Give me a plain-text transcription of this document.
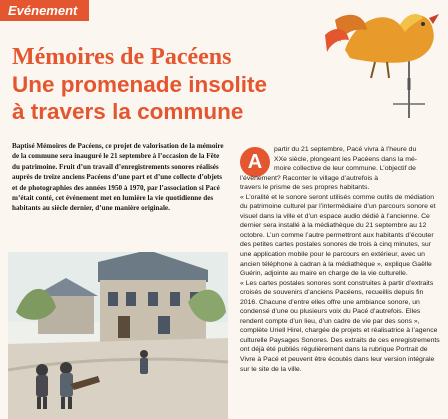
Evénement
Mémoires de Pacéens
Une promenade insolite
à travers la commune

Baptisé Mémoires de Pacéens, ce projet de valorisation de la mémoire de la commune sera inauguré le 21 septembre à l’occasion de la Fête du patrimoine. Fruit d’un travail d’enregistrements sonores réalisés auprès de treize anciens Pacéens d’une part et d’une collecte d’objets et de photographies des années 1950 à 1970, par l’association si Pacé m’était conté, cet événement met en lumière la vie quotidienne des habitants au siècle dernier, d’une manière originale.

A

partir du 21 septembre, Pacé vivra à l’heure du

XXe siècle, plongeant les Pacéens dans la mé-

moire collective de leur commune. L’objectif de

l’événement? Raconter le village d’autrefois à

travers le prisme de ses propres habitants.

« L’oralité et le sonore seront utilisés comme outils de médiation du patrimoine culturel par l’intermédiaire d’un parcours sonore et visuel dans la ville et d’un espace audio dédié à l’ancienne. Ce dernier sera installé à la médiathèque du 21 septembre au 12 octobre. L’un comme l’autre permettront aux habitants d’écouter des petites cartes postales sonores de trois à cinq minutes, sur une application mobile pour le parcours en extérieur, avec un ancien téléphone à cadran à la médiathèque », explique Gaëlle Guérin, adjointe au maire en charge de la vie culturelle.

« Les cartes postales sonores sont construites à partir d’extraits croisés de souvenirs d’anciens Pacéens, recueillis depuis fin 2016. Chacune d’entre elles offre une ambiance sonore, un condensé d’une ou plusieurs voix du Pacé d’autrefois. Elles rendent compte d’un lieu, d’un cadre de vie par des sons », complète Uriell Hirel, chargée de projets et réalisatrice à l’agence culturelle Paysages Sonores. Des extraits de ces enregistrements ont déjà été publiés régulièrement dans la rubrique Portrait de Vivre à Pacé et peuvent être écoutés dans leur version intégrale sur le site de la ville.
